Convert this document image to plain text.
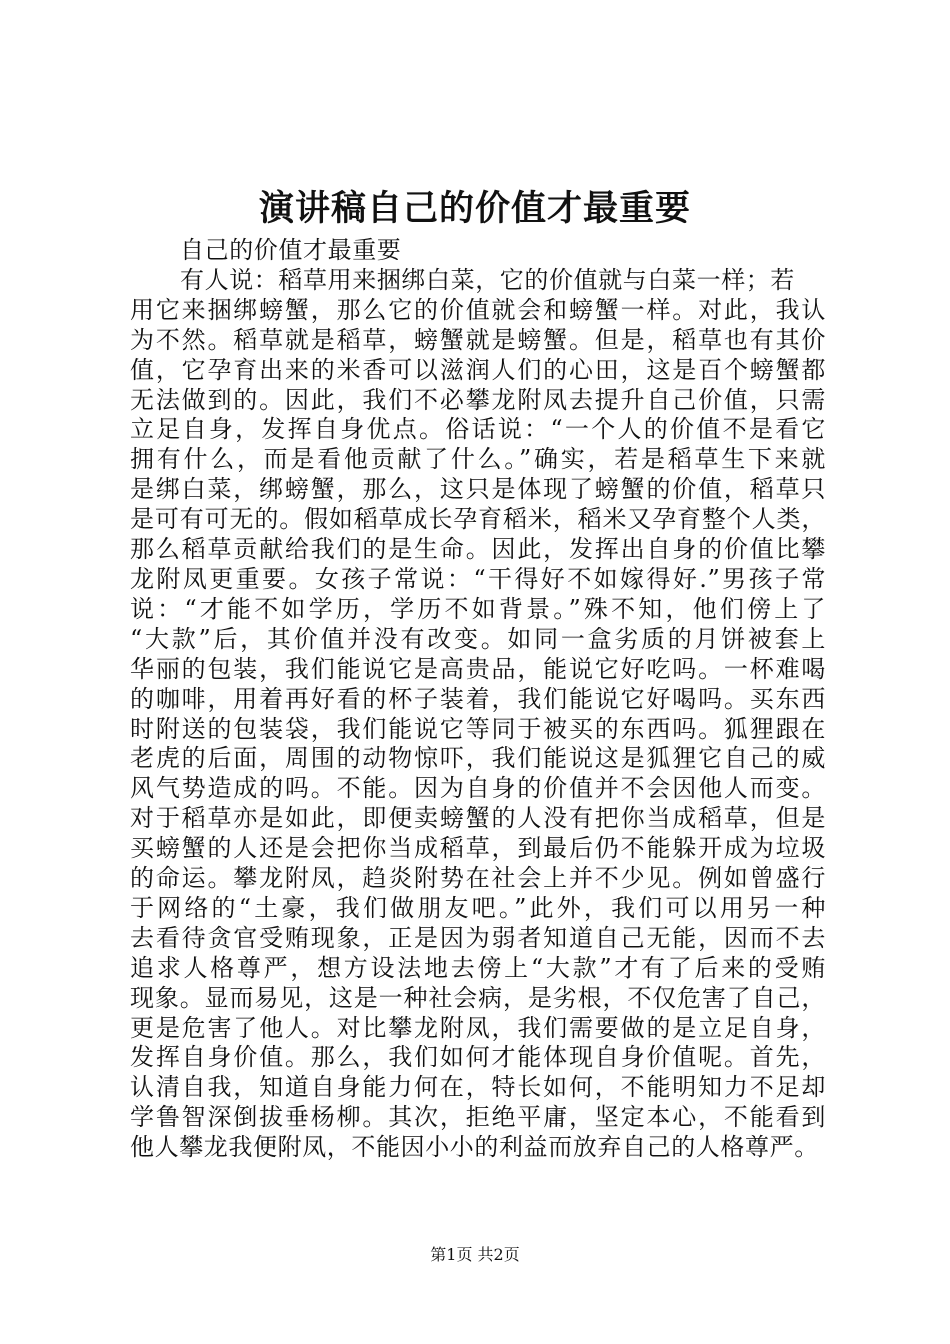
演讲稿自己的价值才最重要
自己的价值才最重要
有人说：稻草用来捆绑白菜，它的价值就与白菜一样；若
用它来捆绑螃蟹，那么它的价值就会和螃蟹一样。对此，我认
为不然。稻草就是稻草，螃蟹就是螃蟹。但是，稻草也有其价
值，它孕育出来的米香可以滋润人们的心田，这是百个螃蟹都
无法做到的。因此，我们不必攀龙附凤去提升自己价值，只需
立足自身，发挥自身优点。俗话说：“一个人的价值不是看它
拥有什么，而是看他贡献了什么。”确实，若是稻草生下来就
是绑白菜，绑螃蟹，那么，这只是体现了螃蟹的价值，稻草只
是可有可无的。假如稻草成长孕育稻米，稻米又孕育整个人类，
那么稻草贡献给我们的是生命。因此，发挥出自身的价值比攀
龙附凤更重要。女孩子常说：“干得好不如嫁得好.”男孩子常
说：“才能不如学历，学历不如背景。”殊不知，他们傍上了
“大款”后，其价值并没有改变。如同一盒劣质的月饼被套上
华丽的包装，我们能说它是高贵品，能说它好吃吗。一杯难喝
的咖啡，用着再好看的杯子装着，我们能说它好喝吗。买东西
时附送的包装袋，我们能说它等同于被买的东西吗。狐狸跟在
老虎的后面，周围的动物惊吓，我们能说这是狐狸它自己的威
风气势造成的吗。不能。因为自身的价值并不会因他人而变。
对于稻草亦是如此，即便卖螃蟹的人没有把你当成稻草，但是
买螃蟹的人还是会把你当成稻草，到最后仍不能躲开成为垃圾
的命运。攀龙附凤，趋炎附势在社会上并不少见。例如曾盛行
于网络的“土豪，我们做朋友吧。”此外，我们可以用另一种
去看待贪官受贿现象，正是因为弱者知道自己无能，因而不去
追求人格尊严，想方设法地去傍上“大款”才有了后来的受贿
现象。显而易见，这是一种社会病，是劣根，不仅危害了自己，
更是危害了他人。对比攀龙附凤，我们需要做的是立足自身，
发挥自身价值。那么，我们如何才能体现自身价值呢。首先，
认清自我，知道自身能力何在，特长如何，不能明知力不足却
学鲁智深倒拔垂杨柳。其次，拒绝平庸，坚定本心，不能看到
他人攀龙我便附凤，不能因小小的利益而放弃自己的人格尊严。
第1页 共2页
